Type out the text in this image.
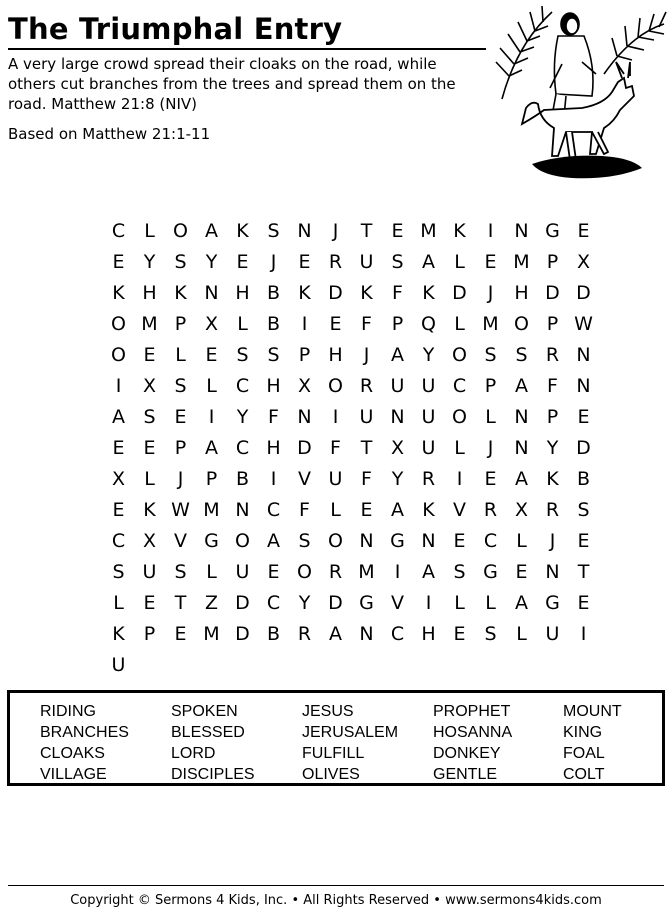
The Triumphal Entry
A very large crowd spread their cloaks on the road, while others cut branches from the trees and spread them on the road. Matthew 21:8 (NIV)
Based on Matthew 21:1-11
C	L O A K S N	J	T	E M K	I	N G E
E	Y	S	Y	E	J	E R U S A	L	E M P X
K H K N H B K D K	F	K D	J	H D D
O M P X	L	B	I	E	F	P Q L M O P W
O E	L	E S S	P H	J	A Y O S S R N
I	X S	L	C H X O R U U C P A	F N
A S E	I	Y	F N	I	U N U O L N P	E
E E	P A C H D F	T X U L	J	N Y D
X	L	J	P B	I	V U F	Y R	I	E A K B
E K W M N C F	L	E A K V R X R S
C X V G O A S O N G N E C	L	J	E
S U S	L U E O R M	I	A S G E N T
L	E	T Z D C Y D G V	I	L	L	A G E
K	P	E M D B R A N C H E S	L U	I
U
RIDING	SPOKEN	JESUS	PROPHET	MOUNT
BRANCHES	BLESSED	JERUSALEM	HOSANNA	KING
CLOAKS	LORD	FULFILL	DONKEY	FOAL
VILLAGE	DISCIPLES	OLIVES	GENTLE	COLT
Copyright © Sermons 4 Kids, Inc. • All Rights Reserved • www.sermons4kids.com
